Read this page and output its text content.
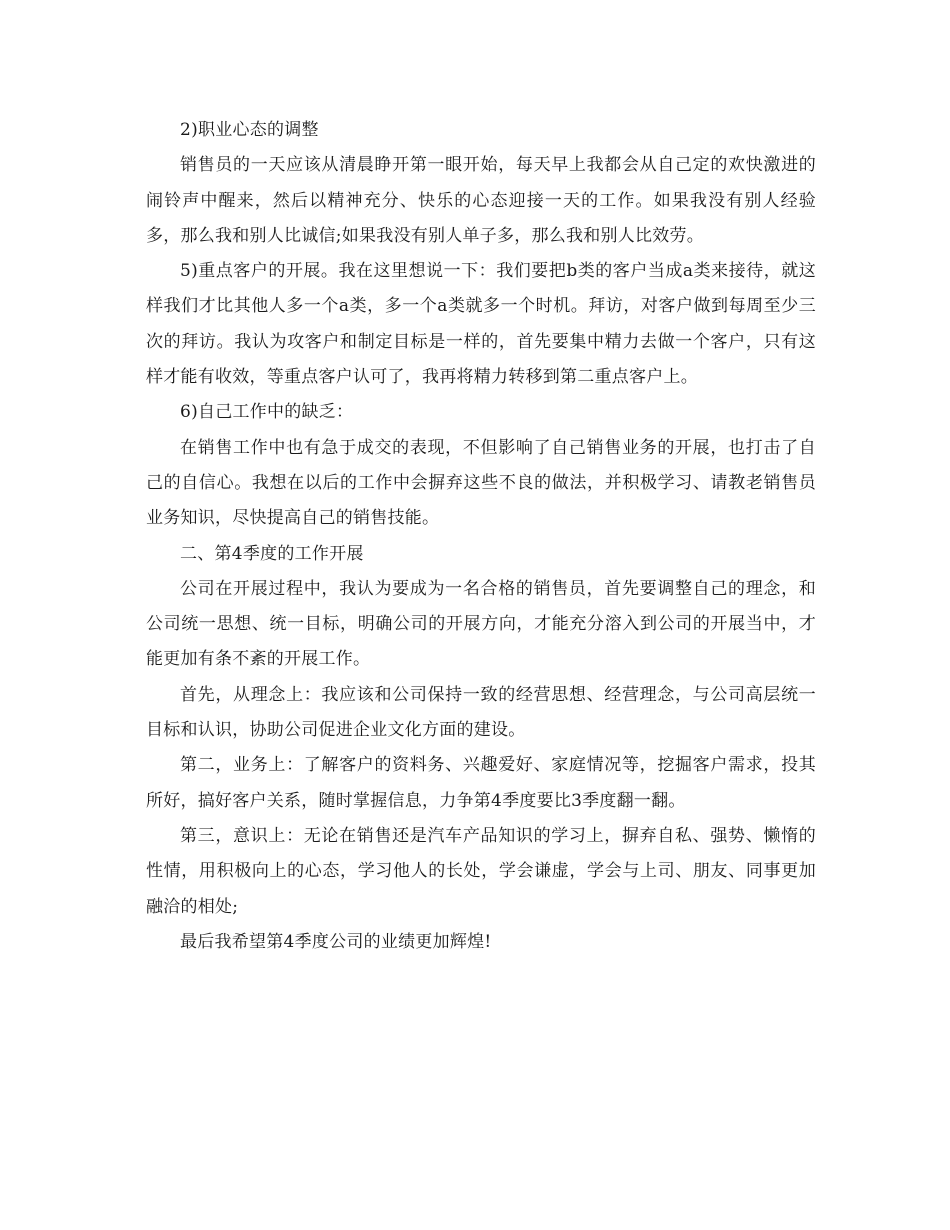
2)职业心态的调整

销售员的一天应该从清晨睁开第一眼开始，每天早上我都会从自己定的欢快激进的闹铃声中醒来，然后以精神充分、快乐的心态迎接一天的工作。如果我没有别人经验多，那么我和别人比诚信;如果我没有别人单子多，那么我和别人比效劳。

5)重点客户的开展。我在这里想说一下：我们要把b类的客户当成a类来接待，就这样我们才比其他人多一个a类，多一个a类就多一个时机。拜访，对客户做到每周至少三次的拜访。我认为攻客户和制定目标是一样的，首先要集中精力去做一个客户，只有这样才能有收效，等重点客户认可了，我再将精力转移到第二重点客户上。

6)自己工作中的缺乏：

在销售工作中也有急于成交的表现，不但影响了自己销售业务的开展，也打击了自己的自信心。我想在以后的工作中会摒弃这些不良的做法，并积极学习、请教老销售员业务知识，尽快提高自己的销售技能。

二、第4季度的工作开展

公司在开展过程中，我认为要成为一名合格的销售员，首先要调整自己的理念，和公司统一思想、统一目标，明确公司的开展方向，才能充分溶入到公司的开展当中，才能更加有条不紊的开展工作。

首先，从理念上：我应该和公司保持一致的经营思想、经营理念，与公司高层统一目标和认识，协助公司促进企业文化方面的建设。

第二，业务上：了解客户的资料务、兴趣爱好、家庭情况等，挖掘客户需求，投其所好，搞好客户关系，随时掌握信息，力争第4季度要比3季度翻一翻。

第三，意识上：无论在销售还是汽车产品知识的学习上，摒弃自私、强势、懒惰的性情，用积极向上的心态，学习他人的长处，学会谦虚，学会与上司、朋友、同事更加融洽的相处;

最后我希望第4季度公司的业绩更加辉煌!
